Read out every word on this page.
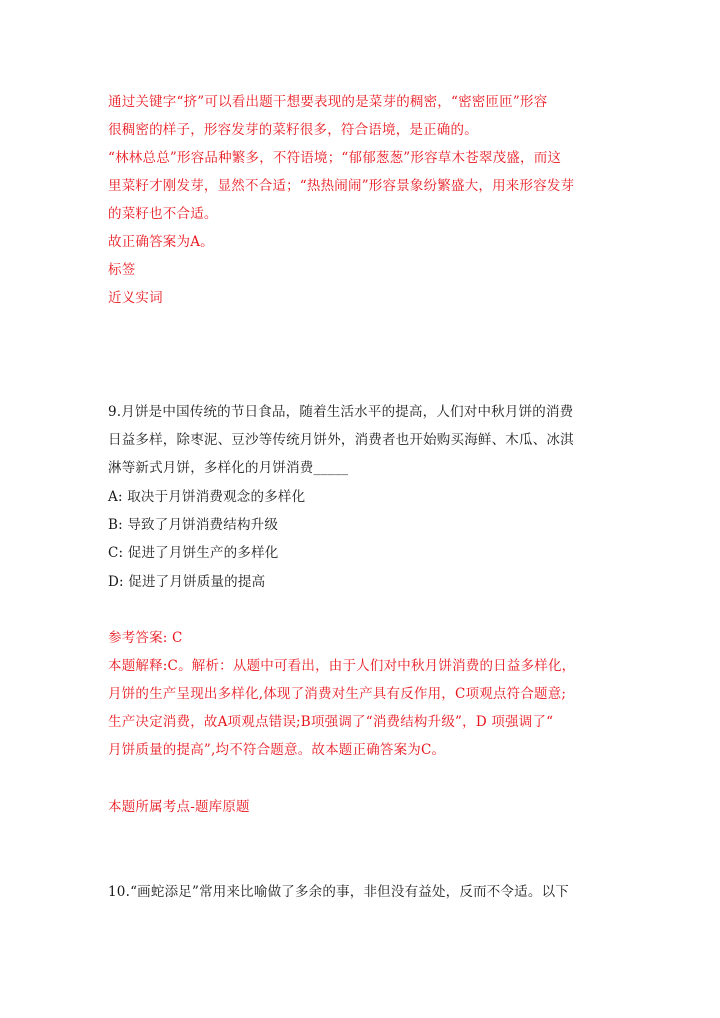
通过关键字“挤”可以看出题干想要表现的是菜芽的稠密，“密密匝匝”形容
很稠密的样子，形容发芽的菜籽很多，符合语境，是正确的。
“林林总总”形容品种繁多，不符语境；“郁郁葱葱”形容草木苍翠茂盛，而这
里菜籽才刚发芽，显然不合适；“热热闹闹”形容景象纷繁盛大，用来形容发芽
的菜籽也不合适。
故正确答案为A。
标签
近义实词
9.月饼是中国传统的节日食品，随着生活水平的提高，人们对中秋月饼的消费
日益多样，除枣泥、豆沙等传统月饼外，消费者也开始购买海鲜、木瓜、冰淇
淋等新式月饼，多样化的月饼消费_____
A: 取决于月饼消费观念的多样化
B: 导致了月饼消费结构升级
C: 促进了月饼生产的多样化
D: 促进了月饼质量的提高
参考答案: C
本题解释:C。解析：从题中可看出，由于人们对中秋月饼消费的日益多样化，
月饼的生产呈现出多样化,体现了消费对生产具有反作用，C项观点符合题意;
生产决定消费，故A项观点错误;B项强调了“消费结构升级”，D 项强调了“
月饼质量的提高”,均不符合题意。故本题正确答案为C。
本题所属考点-题库原题
10.“画蛇添足”常用来比喻做了多余的事，非但没有益处，反而不令适。以下
